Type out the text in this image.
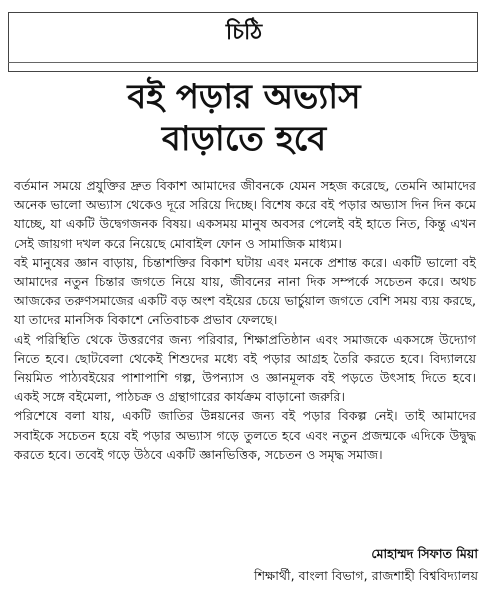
চিঠি
বই পড়ার অভ্যাস
বাড়াতে হবে

বর্তমান সময়ে প্রযুক্তির দ্রুত বিকাশ আমাদের জীবনকে যেমন সহজ করেছে, তেমনি আমাদের অনেক ভালো অভ্যাস থেকেও দূরে সরিয়ে দিচ্ছে। বিশেষ করে বই পড়ার অভ্যাস দিন দিন কমে যাচ্ছে, যা একটি উদ্বেগজনক বিষয়। একসময় মানুষ অবসর পেলেই বই হাতে নিত, কিন্তু এখন সেই জায়গা দখল করে নিয়েছে মোবাইল ফোন ও সামাজিক মাধ্যম।

বই মানুষের জ্ঞান বাড়ায়, চিন্তাশক্তির বিকাশ ঘটায় এবং মনকে প্রশান্ত করে। একটি ভালো বই আমাদের নতুন চিন্তার জগতে নিয়ে যায়, জীবনের নানা দিক সম্পর্কে সচেতন করে। অথচ আজকের তরুণসমাজের একটি বড় অংশ বইয়ের চেয়ে ভার্চুয়াল জগতে বেশি সময় ব্যয় করছে, যা তাদের মানসিক বিকাশে নেতিবাচক প্রভাব ফেলছে।

এই পরিস্থিতি থেকে উত্তরণের জন্য পরিবার, শিক্ষাপ্রতিষ্ঠান এবং সমাজকে একসঙ্গে উদ্যোগ নিতে হবে। ছোটবেলা থেকেই শিশুদের মধ্যে বই পড়ার আগ্রহ তৈরি করতে হবে। বিদ্যালয়ে নিয়মিত পাঠ্যবইয়ের পাশাপাশি গল্প, উপন্যাস ও জ্ঞানমূলক বই পড়তে উৎসাহ দিতে হবে। একই সঙ্গে বইমেলা, পাঠচক্র ও গ্রন্থাগারের কার্যক্রম বাড়ানো জরুরি।

পরিশেষে বলা যায়, একটি জাতির উন্নয়নের জন্য বই পড়ার বিকল্প নেই। তাই আমাদের সবাইকে সচেতন হয়ে বই পড়ার অভ্যাস গড়ে তুলতে হবে এবং নতুন প্রজন্মকে এদিকে উদ্বুদ্ধ করতে হবে। তবেই গড়ে উঠবে একটি জ্ঞানভিত্তিক, সচেতন ও সমৃদ্ধ সমাজ।

মোহাম্মদ সিফাত মিয়া
শিক্ষার্থী, বাংলা বিভাগ, রাজশাহী বিশ্ববিদ্যালয়
